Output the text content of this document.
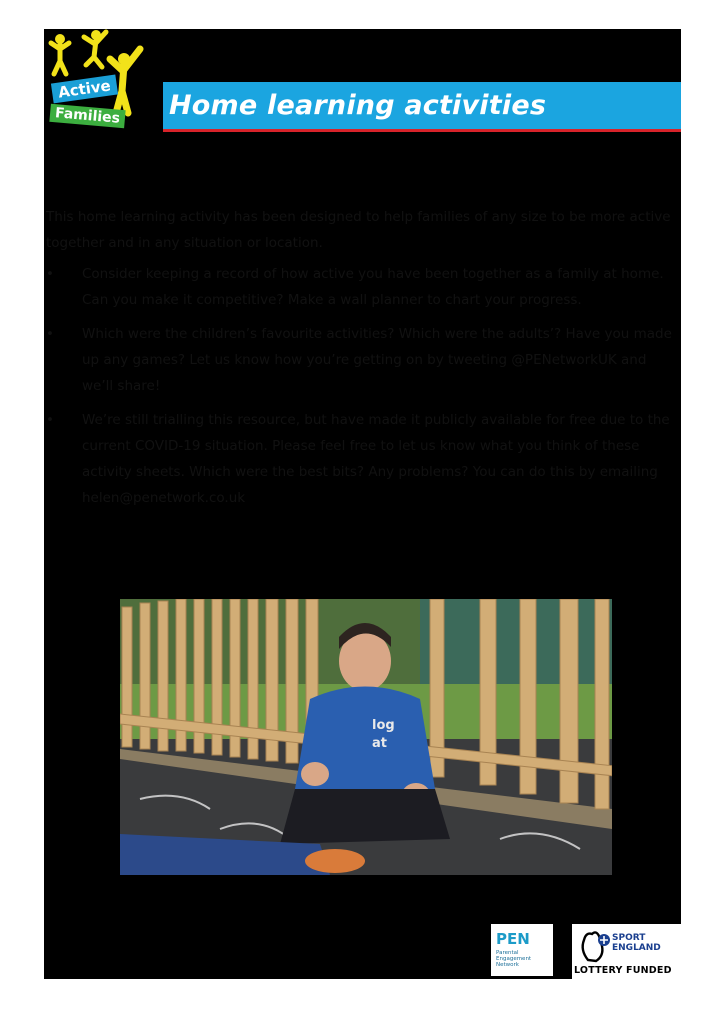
Active
Families Home learning activities

This home learning activity has been designed to help families of any size to be more active together and in any situation or location.

• Consider keeping a record of how active you have been together as a family at home. Can you make it competitive? Make a wall planner to chart your progress.
• Which were the children’s favourite activities? Which were the adults’? Have you made up any games? Let us know how you’re getting on by tweeting @PENetworkUK and we’ll share!
• We’re still trialling this resource, but have made it publicly available for free due to the current COVID-19 situation. Please feel free to let us know what you think of these activity sheets. Which were the best bits? Any problems? You can do this by emailing helen@penetwork.co.uk
log
at
PEN
Parental Engagement Network
SPORT
ENGLAND
LOTTERY FUNDED
